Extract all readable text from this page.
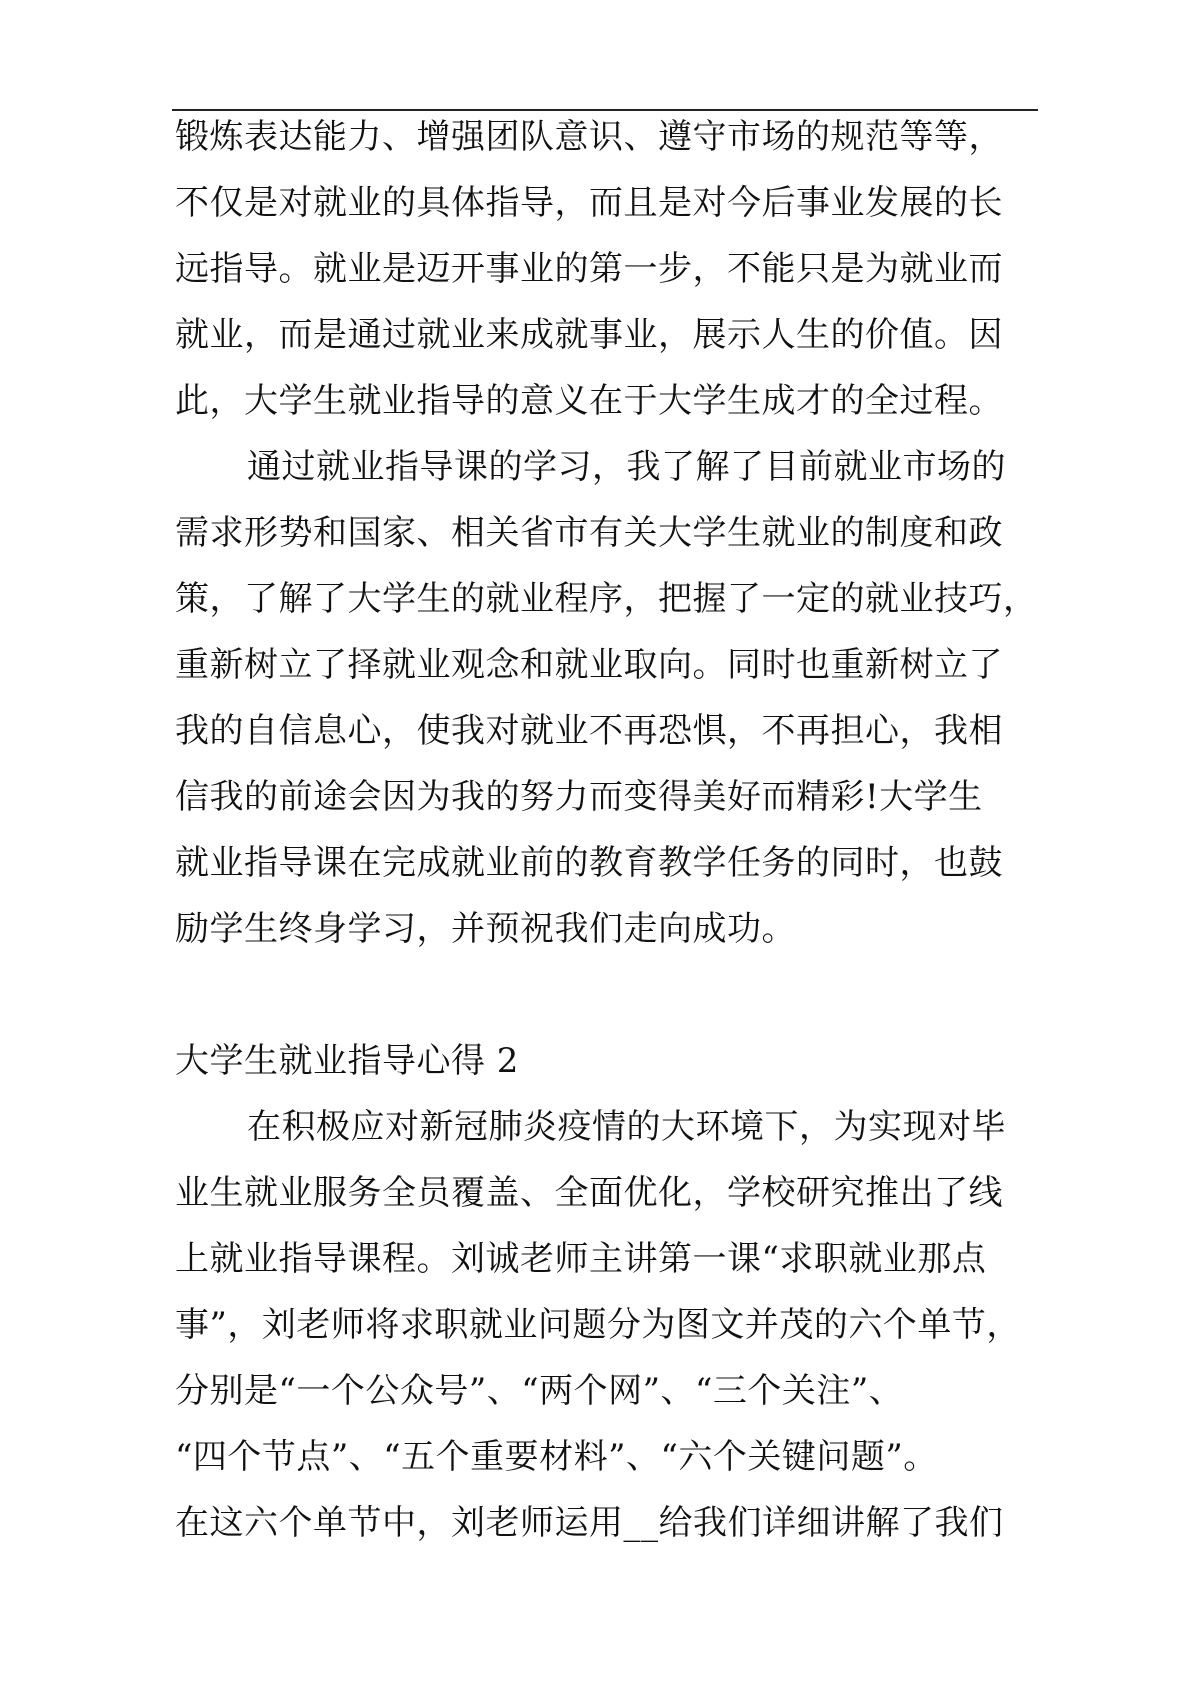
锻炼表达能力、增强团队意识、遵守市场的规范等等，
不仅是对就业的具体指导，而且是对今后事业发展的长
远指导。就业是迈开事业的第一步，不能只是为就业而
就业，而是通过就业来成就事业，展示人生的价值。因
此，大学生就业指导的意义在于大学生成才的全过程。
通过就业指导课的学习，我了解了目前就业市场的
需求形势和国家、相关省市有关大学生就业的制度和政
策，了解了大学生的就业程序，把握了一定的就业技巧，
重新树立了择就业观念和就业取向。同时也重新树立了
我的自信息心，使我对就业不再恐惧，不再担心，我相
信我的前途会因为我的努力而变得美好而精彩!大学生
就业指导课在完成就业前的教育教学任务的同时，也鼓
励学生终身学习，并预祝我们走向成功。
大学生就业指导心得 2
在积极应对新冠肺炎疫情的大环境下，为实现对毕
业生就业服务全员覆盖、全面优化，学校研究推出了线
上就业指导课程。刘诚老师主讲第一课“求职就业那点
事”，刘老师将求职就业问题分为图文并茂的六个单节，
分别是“一个公众号”、“两个网”、“三个关注”、
“四个节点”、“五个重要材料”、“六个关键问题”。
在这六个单节中，刘老师运用__给我们详细讲解了我们
